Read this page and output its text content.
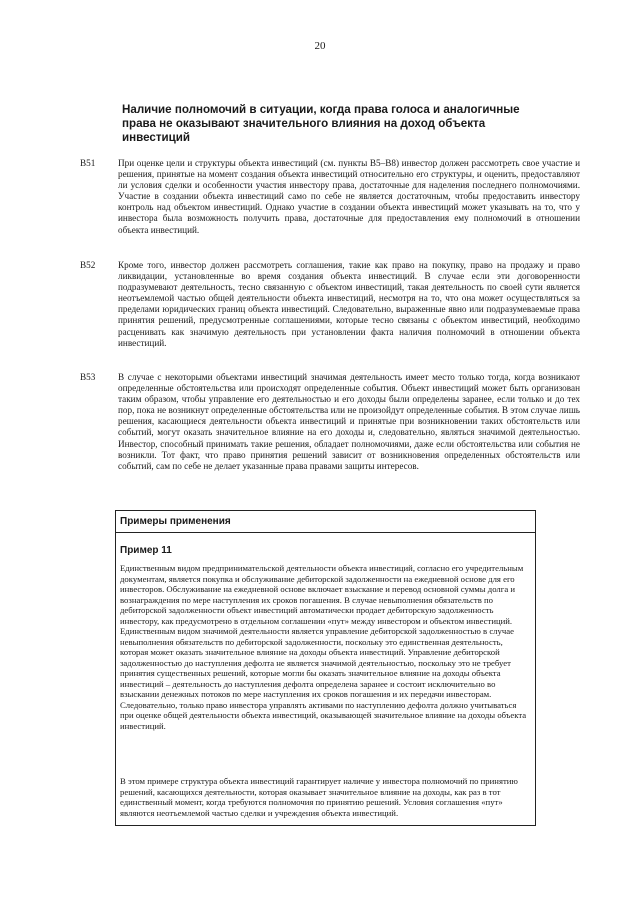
20
Наличие полномочий в ситуации, когда права голоса и аналогичные права не оказывают значительного влияния на доход объекта инвестиций
B51 При оценке цели и структуры объекта инвестиций (см. пункты B5–B8) инвестор должен рассмотреть свое участие и решения, принятые на момент создания объекта инвестиций относительно его структуры, и оценить, предоставляют ли условия сделки и особенности участия инвестору права, достаточные для наделения последнего полномочиями. Участие в создании объекта инвестиций само по себе не является достаточным, чтобы предоставить инвестору контроль над объектом инвестиций. Однако участие в создании объекта инвестиций может указывать на то, что у инвестора была возможность получить права, достаточные для предоставления ему полномочий в отношении объекта инвестиций.
B52 Кроме того, инвестор должен рассмотреть соглашения, такие как право на покупку, право на продажу и право ликвидации, установленные во время создания объекта инвестиций. В случае если эти договоренности подразумевают деятельность, тесно связанную с объектом инвестиций, такая деятельность по своей сути является неотъемлемой частью общей деятельности объекта инвестиций, несмотря на то, что она может осуществляться за пределами юридических границ объекта инвестиций. Следовательно, выраженные явно или подразумеваемые права принятия решений, предусмотренные соглашениями, которые тесно связаны с объектом инвестиций, необходимо расценивать как значимую деятельность при установлении факта наличия полномочий в отношении объекта инвестиций.
B53 В случае с некоторыми объектами инвестиций значимая деятельность имеет место только тогда, когда возникают определенные обстоятельства или происходят определенные события. Объект инвестиций может быть организован таким образом, чтобы управление его деятельностью и его доходы были определены заранее, если только и до тех пор, пока не возникнут определенные обстоятельства или не произойдут определенные события. В этом случае лишь решения, касающиеся деятельности объекта инвестиций и принятые при возникновении таких обстоятельств или событий, могут оказать значительное влияние на его доходы и, следовательно, являться значимой деятельностью. Инвестор, способный принимать такие решения, обладает полномочиями, даже если обстоятельства или события не возникли. Тот факт, что право принятия решений зависит от возникновения определенных обстоятельств или событий, сам по себе не делает указанные права правами защиты интересов.
Примеры применения
Пример 11
Единственным видом предпринимательской деятельности объекта инвестиций, согласно его учредительным документам, является покупка и обслуживание дебиторской задолженности на ежедневной основе для его инвесторов. Обслуживание на ежедневной основе включает взыскание и перевод основной суммы долга и вознаграждения по мере наступления их сроков погашения. В случае невыполнения обязательств по дебиторской задолженности объект инвестиций автоматически продает дебиторскую задолженность инвестору, как предусмотрено в отдельном соглашении «пут» между инвестором и объектом инвестиций. Единственным видом значимой деятельности является управление дебиторской задолженностью в случае невыполнения обязательств по дебиторской задолженности, поскольку это единственная деятельность, которая может оказать значительное влияние на доходы объекта инвестиций. Управление дебиторской задолженностью до наступления дефолта не является значимой деятельностью, поскольку это не требует принятия существенных решений, которые могли бы оказать значительное влияние на доходы объекта инвестиций – деятельность до наступления дефолта определена заранее и состоит исключительно во взыскании денежных потоков по мере наступления их сроков погашения и их передачи инвесторам. Следовательно, только право инвестора управлять активами по наступлению дефолта должно учитываться при оценке общей деятельности объекта инвестиций, оказывающей значительное влияние на доходы объекта инвестиций.
В этом примере структура объекта инвестиций гарантирует наличие у инвестора полномочий по принятию решений, касающихся деятельности, которая оказывает значительное влияние на доходы, как раз в тот единственный момент, когда требуются полномочия по принятию решений. Условия соглашения «пут» являются неотъемлемой частью сделки и учреждения объекта инвестиций.
